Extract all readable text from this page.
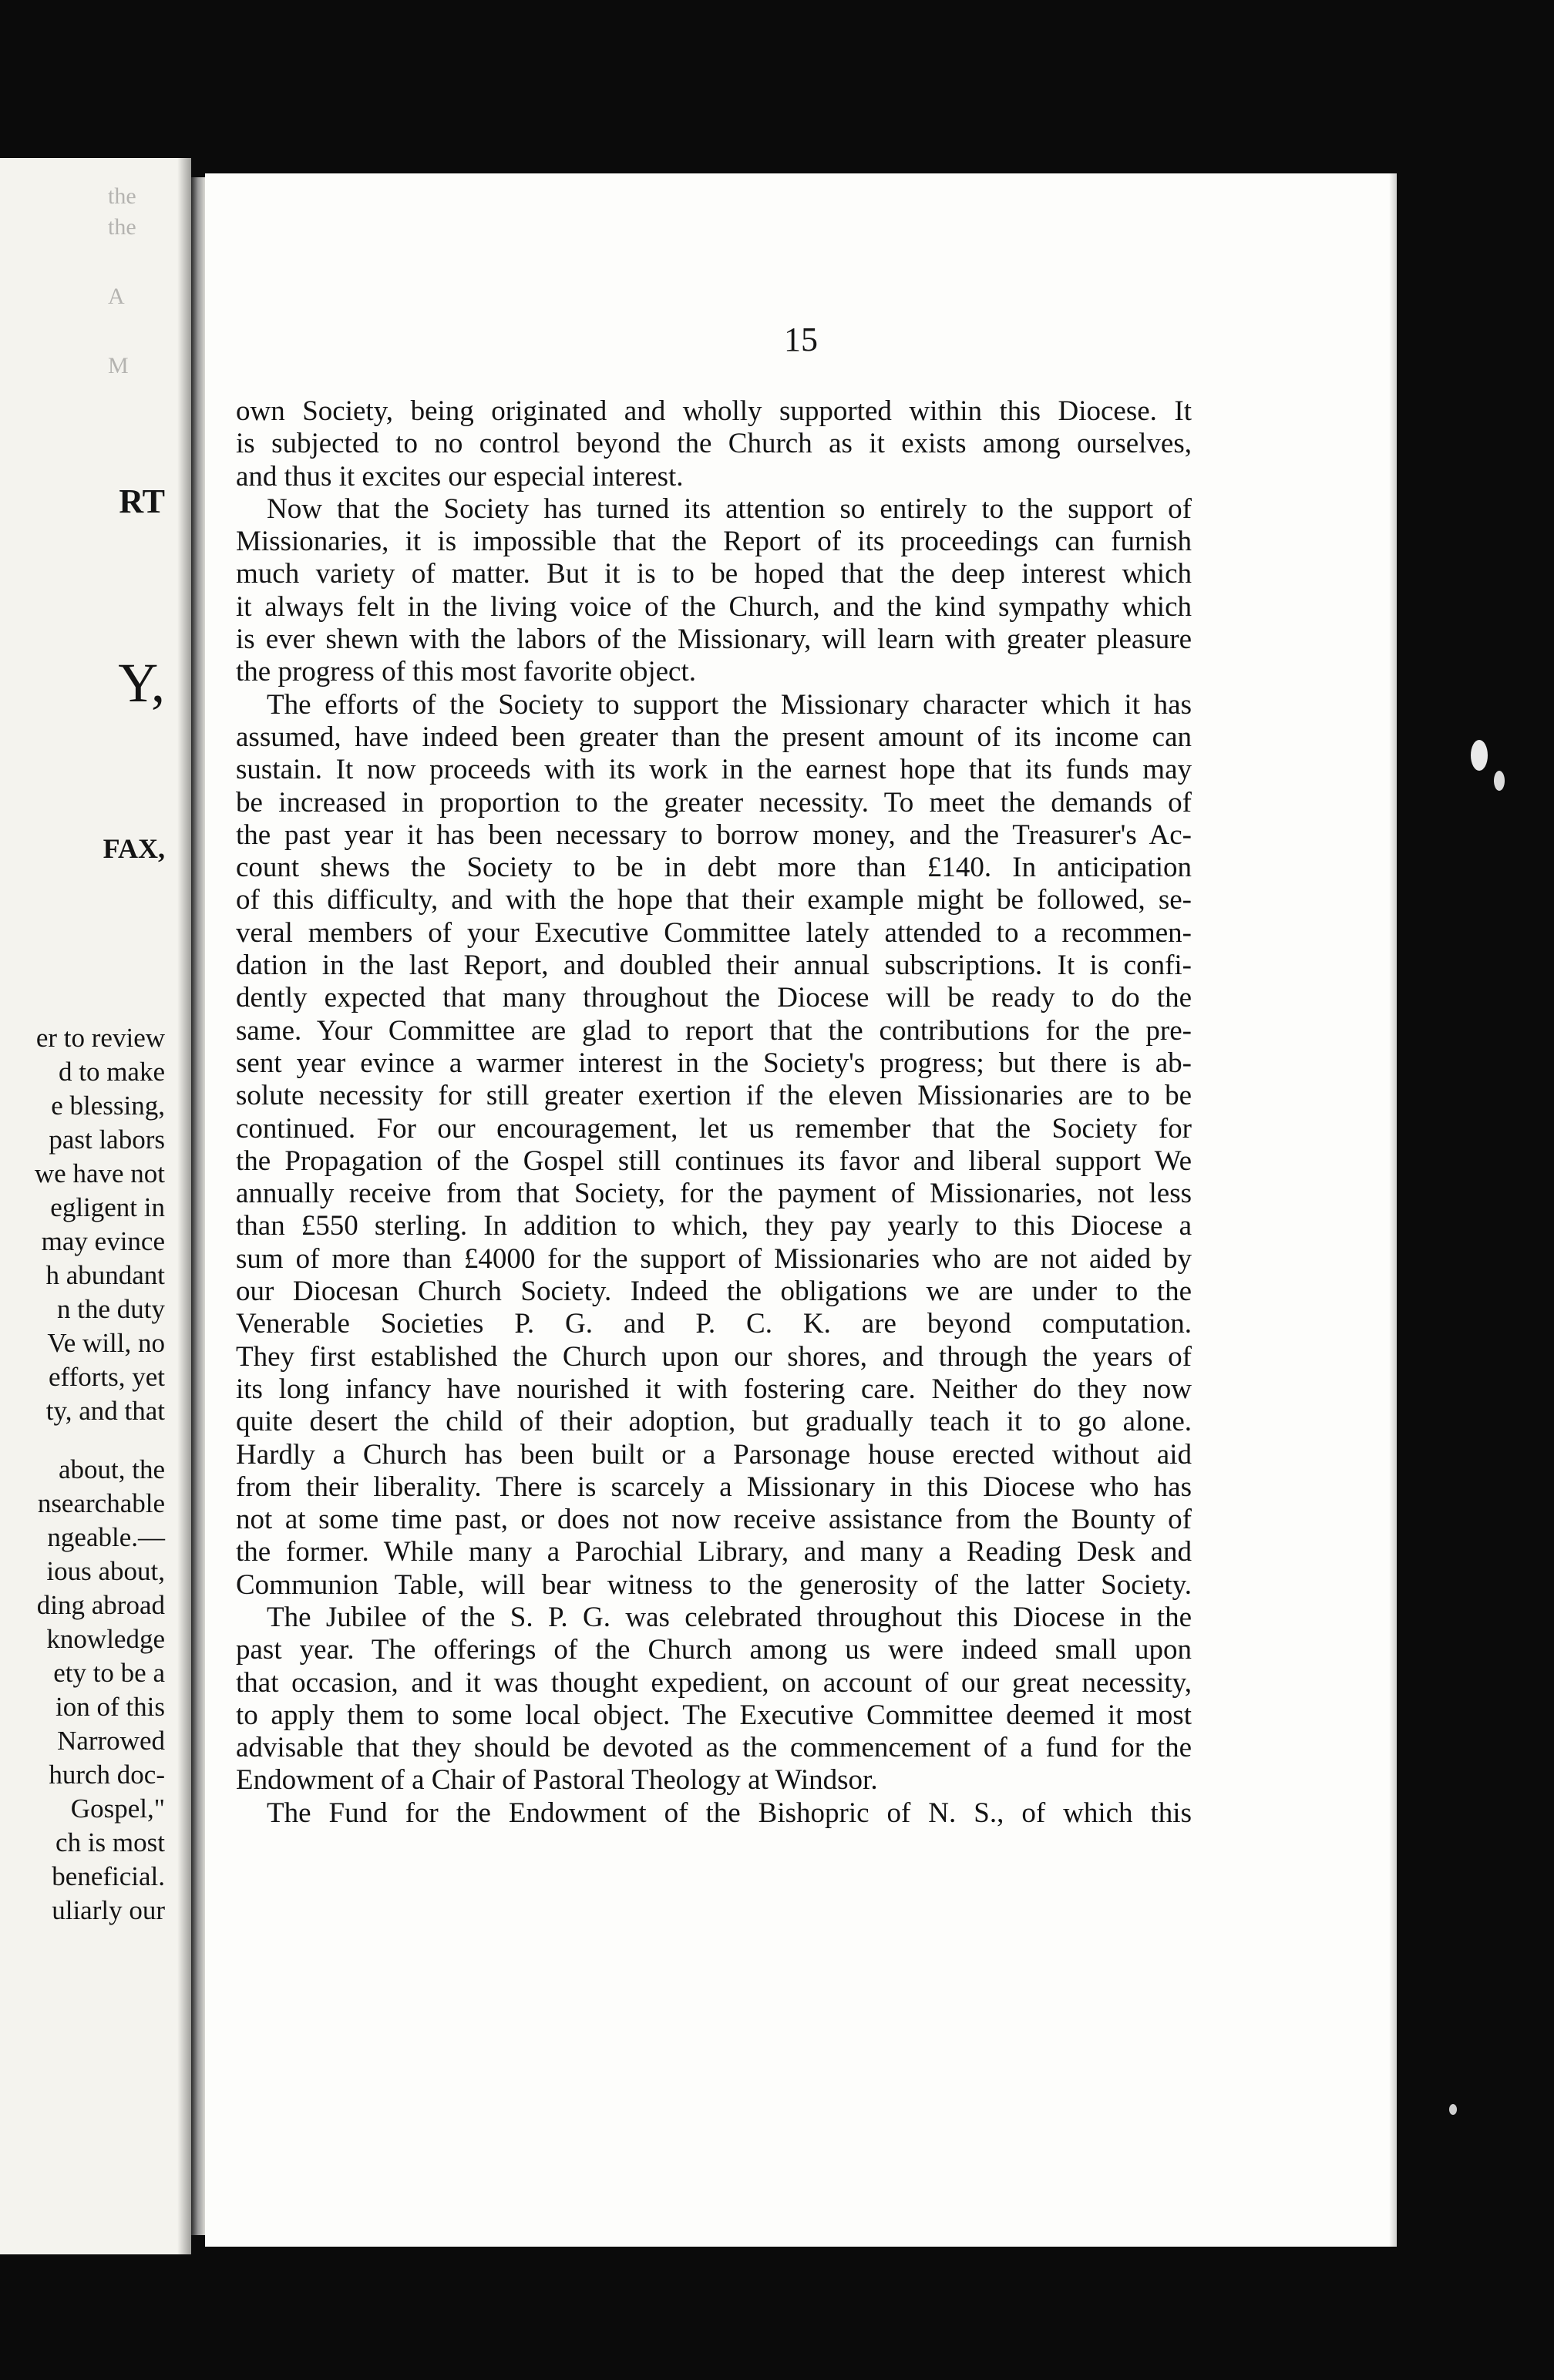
the
the
A
M
RT
Y,
FAX,
er to review
d to make
e blessing,
past labors
we have not
egligent in
may evince
h abundant
n the duty
Ve will, no
efforts, yet
ty, and that
about, the
nsearchable
ngeable.—
ious about,
ding abroad
knowledge
ety to be a
ion of this
Narrowed
hurch doc-
Gospel,"
ch is most
beneficial.
uliarly our
15
own Society, being originated and wholly supported within this Diocese. It
is subjected to no control beyond the Church as it exists among ourselves,
and thus it excites our especial interest.
Now that the Society has turned its attention so entirely to the support of
Missionaries, it is impossible that the Report of its proceedings can furnish
much variety of matter. But it is to be hoped that the deep interest which
it always felt in the living voice of the Church, and the kind sympathy which
is ever shewn with the labors of the Missionary, will learn with greater pleasure
the progress of this most favorite object.
The efforts of the Society to support the Missionary character which it has
assumed, have indeed been greater than the present amount of its income can
sustain. It now proceeds with its work in the earnest hope that its funds may
be increased in proportion to the greater necessity. To meet the demands of
the past year it has been necessary to borrow money, and the Treasurer's Ac-
count shews the Society to be in debt more than £140. In anticipation
of this difficulty, and with the hope that their example might be followed, se-
veral members of your Executive Committee lately attended to a recommen-
dation in the last Report, and doubled their annual subscriptions. It is confi-
dently expected that many throughout the Diocese will be ready to do the
same. Your Committee are glad to report that the contributions for the pre-
sent year evince a warmer interest in the Society's progress; but there is ab-
solute necessity for still greater exertion if the eleven Missionaries are to be
continued. For our encouragement, let us remember that the Society for
the Propagation of the Gospel still continues its favor and liberal support We
annually receive from that Society, for the payment of Missionaries, not less
than £550 sterling. In addition to which, they pay yearly to this Diocese a
sum of more than £4000 for the support of Missionaries who are not aided by
our Diocesan Church Society. Indeed the obligations we are under to the
Venerable Societies P. G. and P. C. K. are beyond computation.
They first established the Church upon our shores, and through the years of
its long infancy have nourished it with fostering care. Neither do they now
quite desert the child of their adoption, but gradually teach it to go alone.
Hardly a Church has been built or a Parsonage house erected without aid
from their liberality. There is scarcely a Missionary in this Diocese who has
not at some time past, or does not now receive assistance from the Bounty of
the former. While many a Parochial Library, and many a Reading Desk and
Communion Table, will bear witness to the generosity of the latter Society.
The Jubilee of the S. P. G. was celebrated throughout this Diocese in the
past year. The offerings of the Church among us were indeed small upon
that occasion, and it was thought expedient, on account of our great necessity,
to apply them to some local object. The Executive Committee deemed it most
advisable that they should be devoted as the commencement of a fund for the
Endowment of a Chair of Pastoral Theology at Windsor.
The Fund for the Endowment of the Bishopric of N. S., of which this
